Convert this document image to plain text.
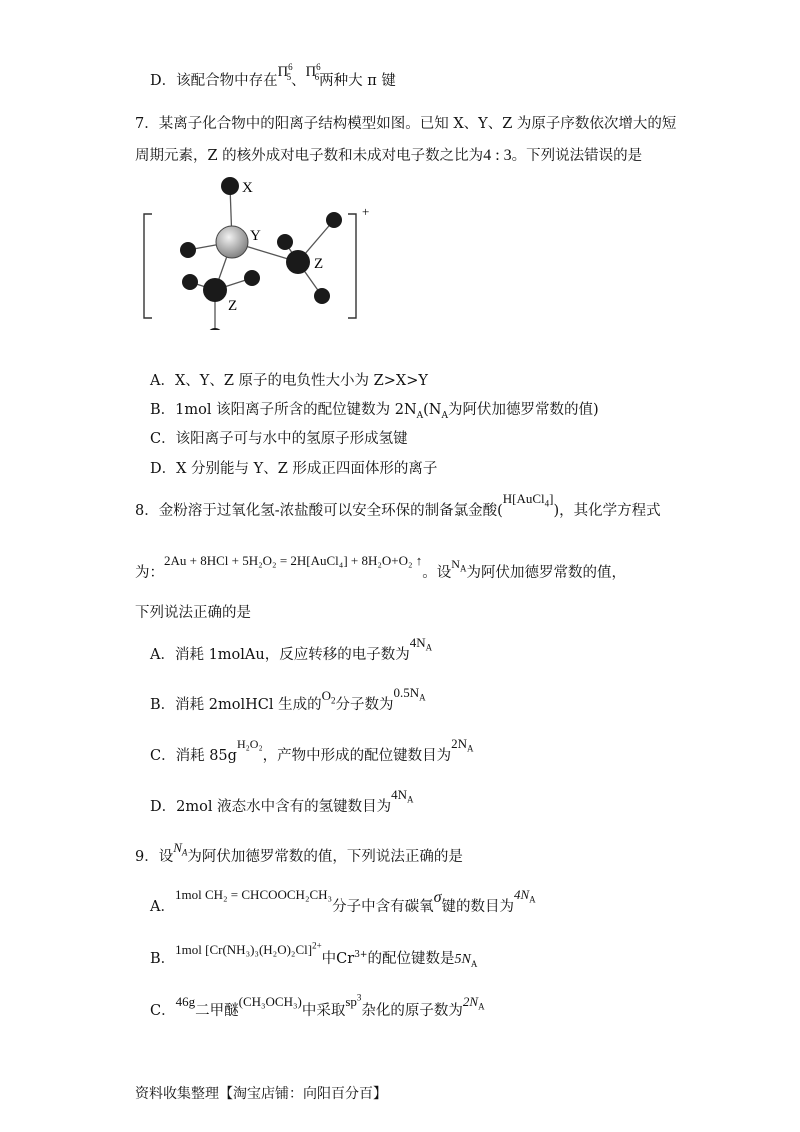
D．该配合物中存在$\Pi^6_5$、$\Pi^6_6$两种大 π 键
7．某离子化合物中的阳离子结构模型如图。已知 X、Y、Z 为原子序数依次增大的短
周期元素，Z 的核外成对电子数和未成对电子数之比为4 : 3。下列说法错误的是
X
Y
Z
Z
+
A．X、Y、Z 原子的电负性大小为 Z>X>Y
B．1mol 该阳离子所含的配位键数为 $2N_A(N_A$为阿伏加德罗常数的值)
C．该阳离子可与水中的氢原子形成氢键
D．X 分别能与 Y、Z 形成正四面体形的离子
8．金粉溶于过氧化氢-浓盐酸可以安全环保的制备氯金酸(H[AuCl$_4$])，其化学方程式
为：2Au + 8HCl + 5H₂O₂ = 2H[AuCl₄] + 8H₂O+O₂ ↑。设$^{N_A}$为阿伏加德罗常数的值，
下列说法正确的是
A．消耗 1molAu，反应转移的电子数为$4N_A$
B．消耗 2molHCl 生成的$O_2$分子数为$0.5N_A$
C．消耗 $85g^{H_2O_2}$，产物中形成的配位键数目为$2N_A$
D．2mol 液态水中含有的氢键数目为$4N_A$
9．设$N_A$为阿伏加德罗常数的值，下列说法正确的是
A．1mol CH₂ = CHCOOCH₂CH₃分子中含有碳氧σ键的数目为$4N_A$
B．1mol $[Cr(NH_3)_3(H_2O)_2Cl]^{2+}$中$Cr^{3+}$的配位键数是$5N_A$
C．46g二甲醚(CH₃OCH₃)中采取$sp^3$杂化的原子数为$2N_A$
资料收集整理【淘宝店铺：向阳百分百】
